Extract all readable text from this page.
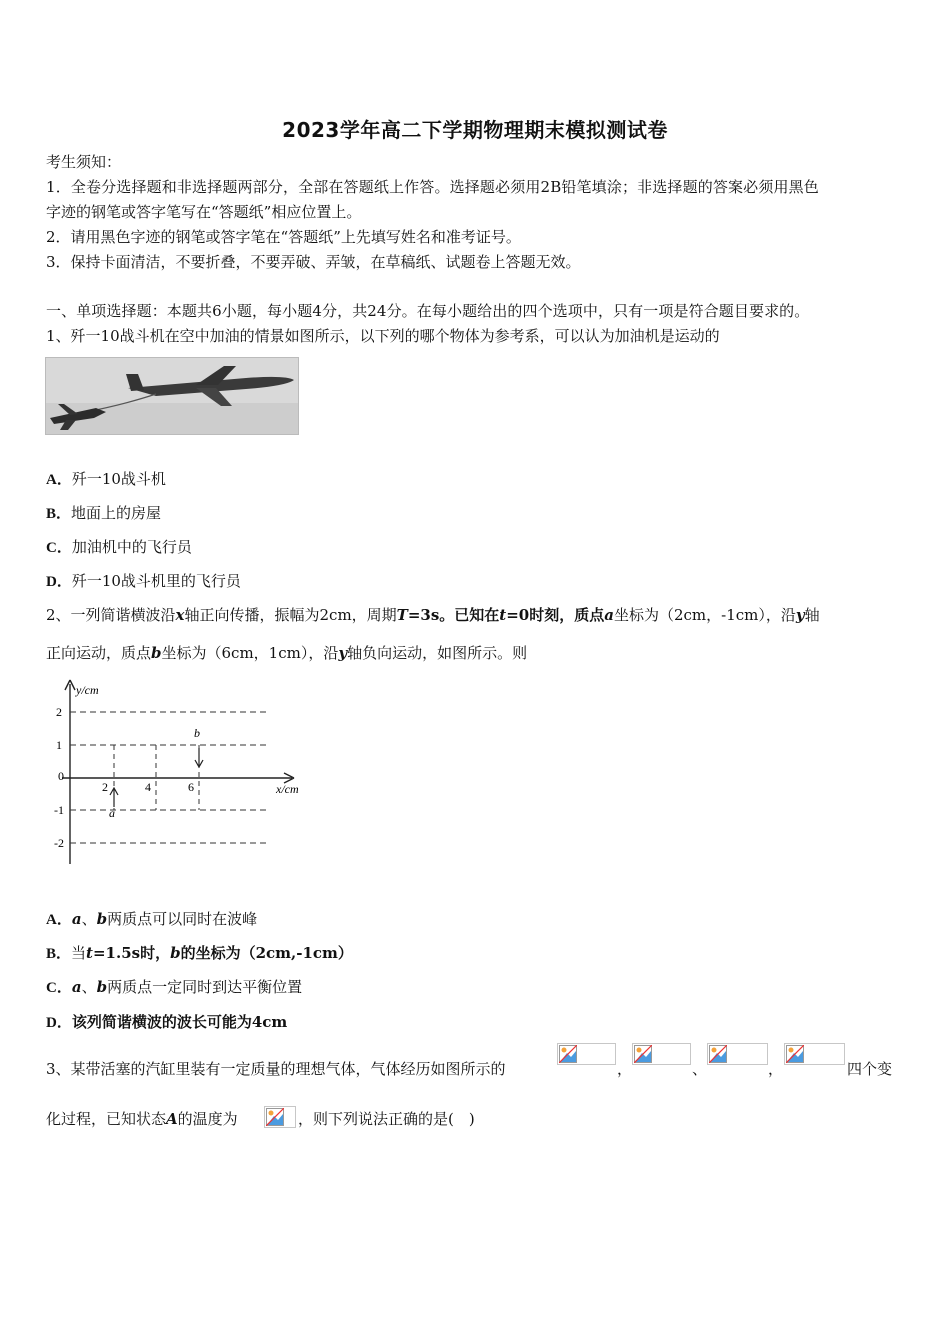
2023学年高二下学期物理期末模拟测试卷
考生须知：
1．全卷分选择题和非选择题两部分，全部在答题纸上作答。选择题必须用2B铅笔填涂；非选择题的答案必须用黑色
字迹的钢笔或答字笔写在“答题纸”相应位置上。
2．请用黑色字迹的钢笔或答字笔在“答题纸”上先填写姓名和准考证号。
3．保持卡面清洁，不要折叠，不要弄破、弄皱，在草稿纸、试题卷上答题无效。
一、单项选择题：本题共6小题，每小题4分，共24分。在每小题给出的四个选项中，只有一项是符合题目要求的。
1、歼一10战斗机在空中加油的情景如图所示，以下列的哪个物体为参考系，可以认为加油机是运动的
A．歼一10战斗机
B．地面上的房屋
C．加油机中的飞行员
D．歼一10战斗机里的飞行员
2、一列简谐横波沿x轴正向传播，振幅为2cm，周期T=3s。已知在t=0时刻，质点a坐标为（2cm，-1cm），沿y轴
正向运动，质点b坐标为（6cm，1cm），沿y轴负向运动，如图所示。则
y/cm
x/cm
2
1
0
-1
-2
2	4	6
b
a
A．a、b两质点可以同时在波峰
B．当t=1.5s时，b的坐标为（2cm,-1cm）
C．a、b两质点一定同时到达平衡位置
D．该列简谐横波的波长可能为4cm
3、某带活塞的汽缸里装有一定质量的理想气体，气体经历如图所示的	，	、	，	四个变
化过程，已知状态A的温度为	，则下列说法正确的是(　)
